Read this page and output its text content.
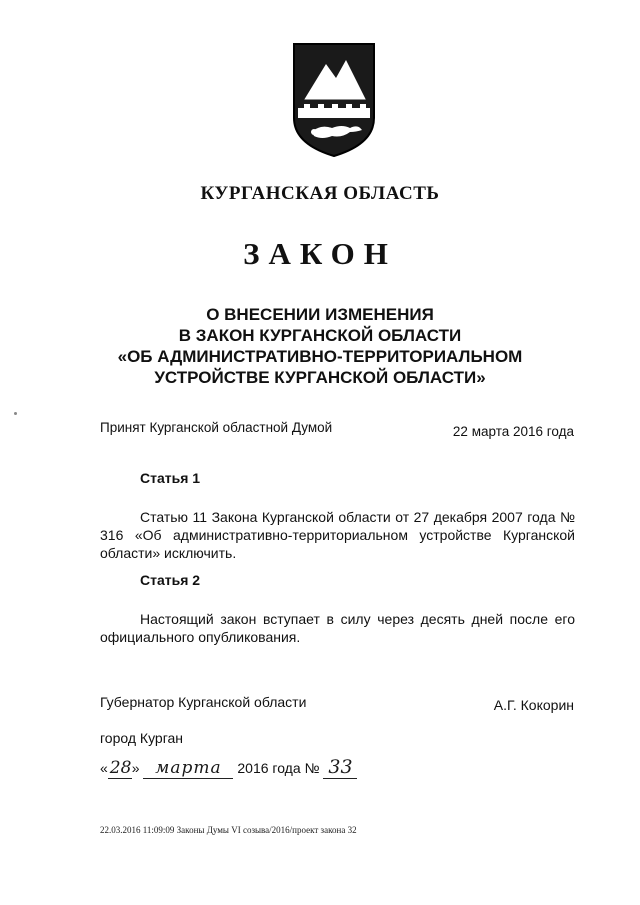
КУРГАНСКАЯ ОБЛАСТЬ
ЗАКОН
О ВНЕСЕНИИ ИЗМЕНЕНИЯ
В ЗАКОН КУРГАНСКОЙ ОБЛАСТИ
«ОБ АДМИНИСТРАТИВНО-ТЕРРИТОРИАЛЬНОМ
УСТРОЙСТВЕ КУРГАНСКОЙ ОБЛАСТИ»
Принят Курганской областной Думой	22 марта 2016 года
Статья 1

Статью 11 Закона Курганской области от 27 декабря 2007 года № 316 «Об административно-территориальном устройстве Курганской области» исключить.

Статья 2

Настоящий закон вступает в силу через десять дней после его официального опубликования.

Губернатор Курганской области	А.Г. Кокорин
город Курган
« 28» марта 2016 года № 33
22.03.2016 11:09:09 Законы Думы VI созыва/2016/проект закона 32
